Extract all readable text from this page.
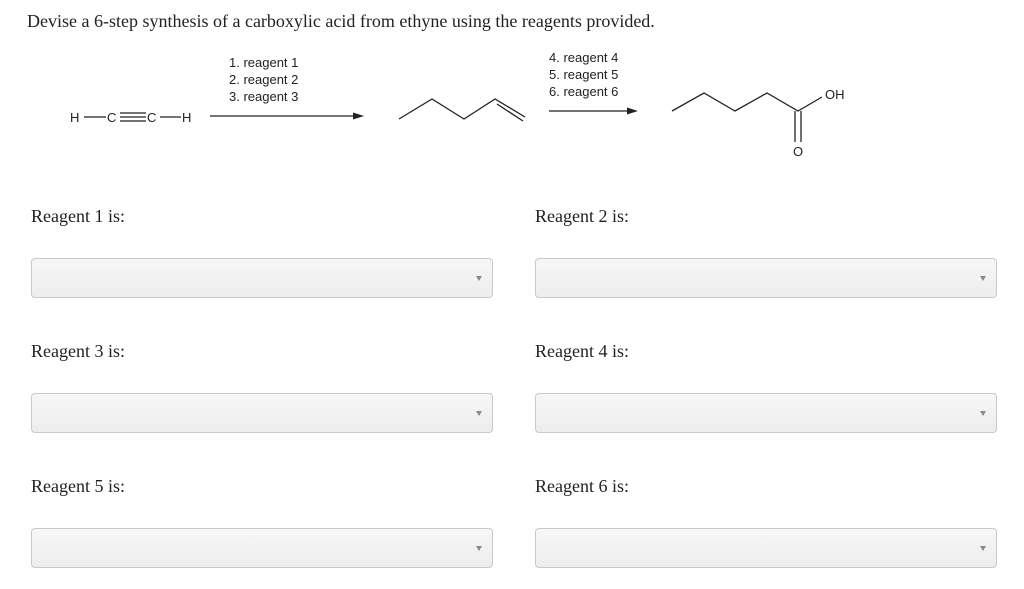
Devise a 6-step synthesis of a carboxylic acid from ethyne using the reagents provided.
H C C H
1. reagent 1
2. reagent 2
3. reagent 3
4. reagent 4
5. reagent 5
6. reagent 6	OH
O
Reagent 1 is:	Reagent 2 is:
Reagent 3 is:	Reagent 4 is:
Reagent 5 is:	Reagent 6 is:
